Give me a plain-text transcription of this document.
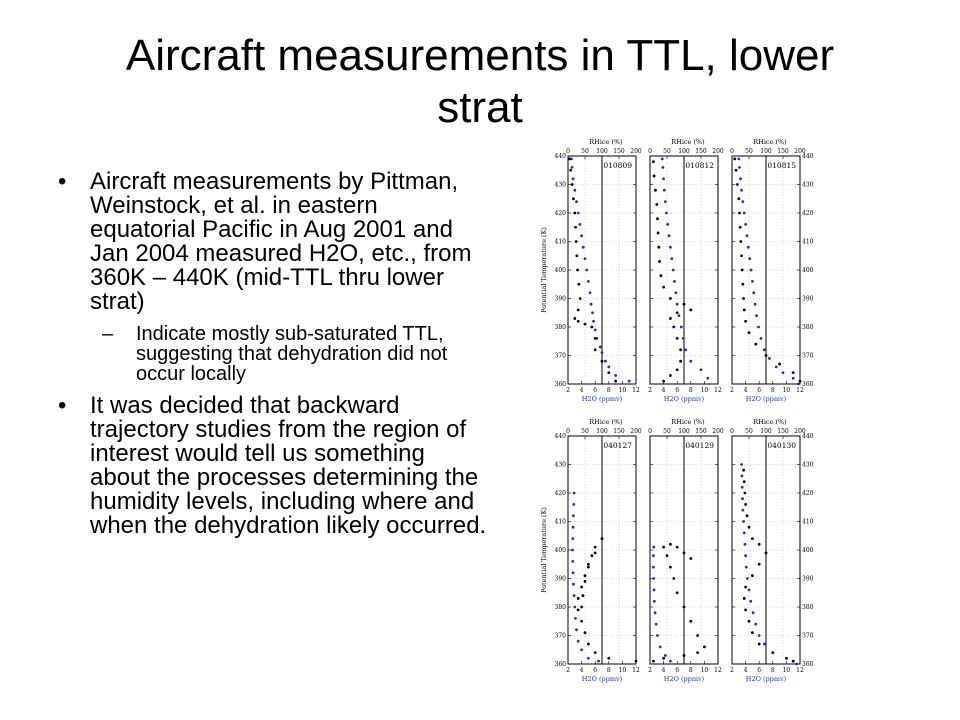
Aircraft measurements in TTL, lower strat
• Aircraft measurements by Pittman, Weinstock, et al. in eastern equatorial Pacific in Aug 2001 and Jan 2004 measured H2O, etc., from 360K – 440K (mid-TTL thru lower strat)
–	Indicate mostly sub-saturated TTL, suggesting that dehydration did not occur locally
• It was decided that backward trajectory studies from the region of interest would tell us something about the processes determining the humidity levels, including where and when the dehydration likely occurred.
0 50 100 150 200
RHice (%)
2 4 6 8 10 12
H2O (ppmv)
360
370
380
390
400
410
420
430
440
Potential Temperature (K)
010809
0 50 100 150 200
RHice (%)
2 4 6 8 10 12
H2O (ppmv)
010812
0 50 100 150 200
RHice (%)
2 4 6 8 10 12
H2O (ppmv)
360
370
380
390
400
410
420
430
440
010815
0 50 100 150 200
RHice (%)
2 4 6 8 10 12
H2O (ppmv)
360
370
380
390
400
410
420
430
440
Potential Temperature (K)
040127
0 50 100 150 200
RHice (%)
2 4 6 8 10 12
H2O (ppmv)
040129
0 50 100 150 200
RHice (%)
2 4 6 8 10 12
H2O (ppmv)
360
370
380
390
400
410
420
430
440
040130
